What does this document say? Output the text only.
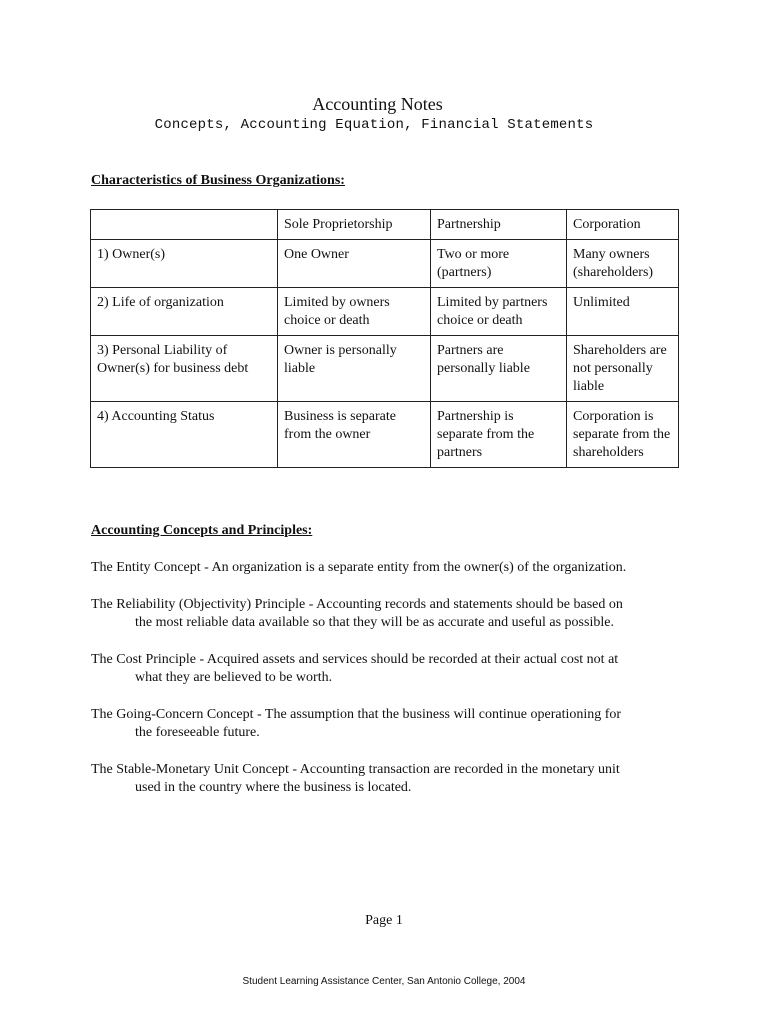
Accounting Notes
Concepts, Accounting Equation, Financial Statements
Characteristics of Business Organizations:
	Sole Proprietorship	Partnership	Corporation
1) Owner(s)	One Owner	Two or more (partners)	Many owners (shareholders)
2) Life of organization	Limited by owners choice or death	Limited by partners choice or death	Unlimited
3) Personal Liability of Owner(s) for business debt	Owner is personally liable	Partners are personally liable	Shareholders are not personally liable
4) Accounting Status	Business is separate from the owner	Partnership is separate from the partners	Corporation is separate from the shareholders
Accounting Concepts and Principles:

The Entity Concept - An organization is a separate entity from the owner(s) of the organization.

The Reliability (Objectivity) Principle - Accounting records and statements should be based on
the most reliable data available so that they will be as accurate and useful as possible.

The Cost Principle - Acquired assets and services should be recorded at their actual cost not at
what they are believed to be worth.

The Going-Concern Concept - The assumption that the business will continue operationing for
the foreseeable future.

The Stable-Monetary Unit Concept - Accounting transaction are recorded in the monetary unit
used in the country where the business is located.

Page 1
Student Learning Assistance Center, San Antonio College, 2004
